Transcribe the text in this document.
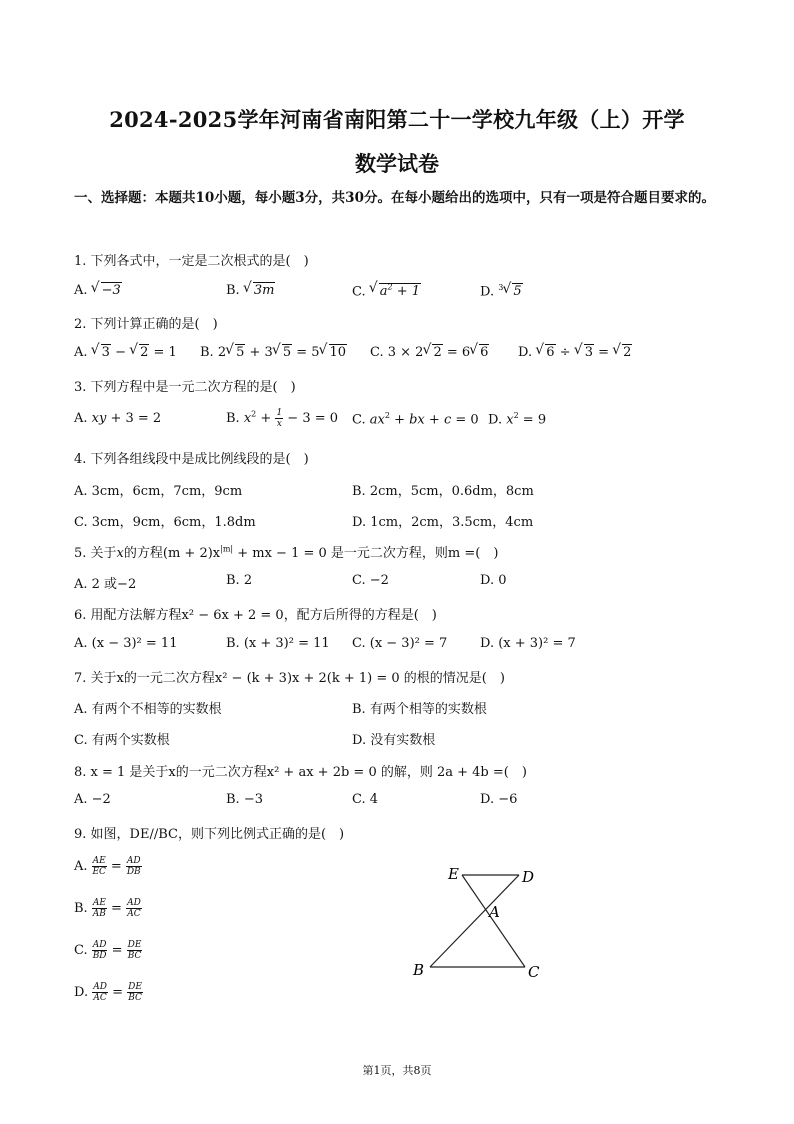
2024-2025学年河南省南阳第二十一学校九年级（上）开学
数学试卷
一、选择题：本题共10小题，每小题3分，共30分。在每小题给出的选项中，只有一项是符合题目要求的。
1. 下列各式中，一定是二次根式的是(　)
A. √ −3	B. √ 3m	C. √ $a^2 + 1$	D. $^3$ √ 5
2. 下列计算正确的是(　)
A. √ 3 − √ 2 = 1 B. 2 √ 5 + 3 √ 5 = 5 √ 10 C. 3 × 2 √ 2 = 6 √ 6 D. √ 6 ÷ √ 3 = √ 2
3. 下列方程中是一元二次方程的是(　)
A. xy + 3 = 2	B. $x^2 + \frac{1}{x} - 3 = 0$ C. $ax^2$ + bx + c = 0 D. $x^2 = 9$
4. 下列各组线段中是成比例线段的是(　)
A. 3cm，6cm，7cm，9cm	B. 2cm，5cm，0.6dm，8cm
C. 3cm，9cm，6cm，1.8dm	D. 1cm，2cm，3.5cm，4cm
5. 关于x的方程$(m + 2)x^{|m|}$ + mx − 1 = 0 是一元二次方程，则m =(　)
A. 2 或−2	B. 2	C. −2	D. 0
6. 用配方法解方程x² − 6x + 2 = 0，配方后所得的方程是(　)
A. (x − 3)² = 11	B. (x + 3)² = 11 C. (x − 3)² = 7	D. (x + 3)² = 7
7. 关于x的一元二次方程x² − (k + 3)x + 2(k + 1) = 0 的根的情况是(　)
A. 有两个不相等的实数根	B. 有两个相等的实数根
C. 有两个实数根	D. 没有实数根
8. x = 1 是关于x的一元二次方程x² + ax + 2b = 0 的解，则 2a + 4b =(　)
A. −2	B. −3	C. 4	D. −6
9. 如图，DE//BC，则下列比例式正确的是(　)
A. $\frac{AE}{EC} = \frac{AD}{DB}$
B. $\frac{AE}{AB} = \frac{AD}{AC}$
C. $\frac{AD}{BD} = \frac{DE}{BC}$
D. $\frac{AD}{AC} = \frac{DE}{BC}$
E	D
A
B	C
第1页，共8页
